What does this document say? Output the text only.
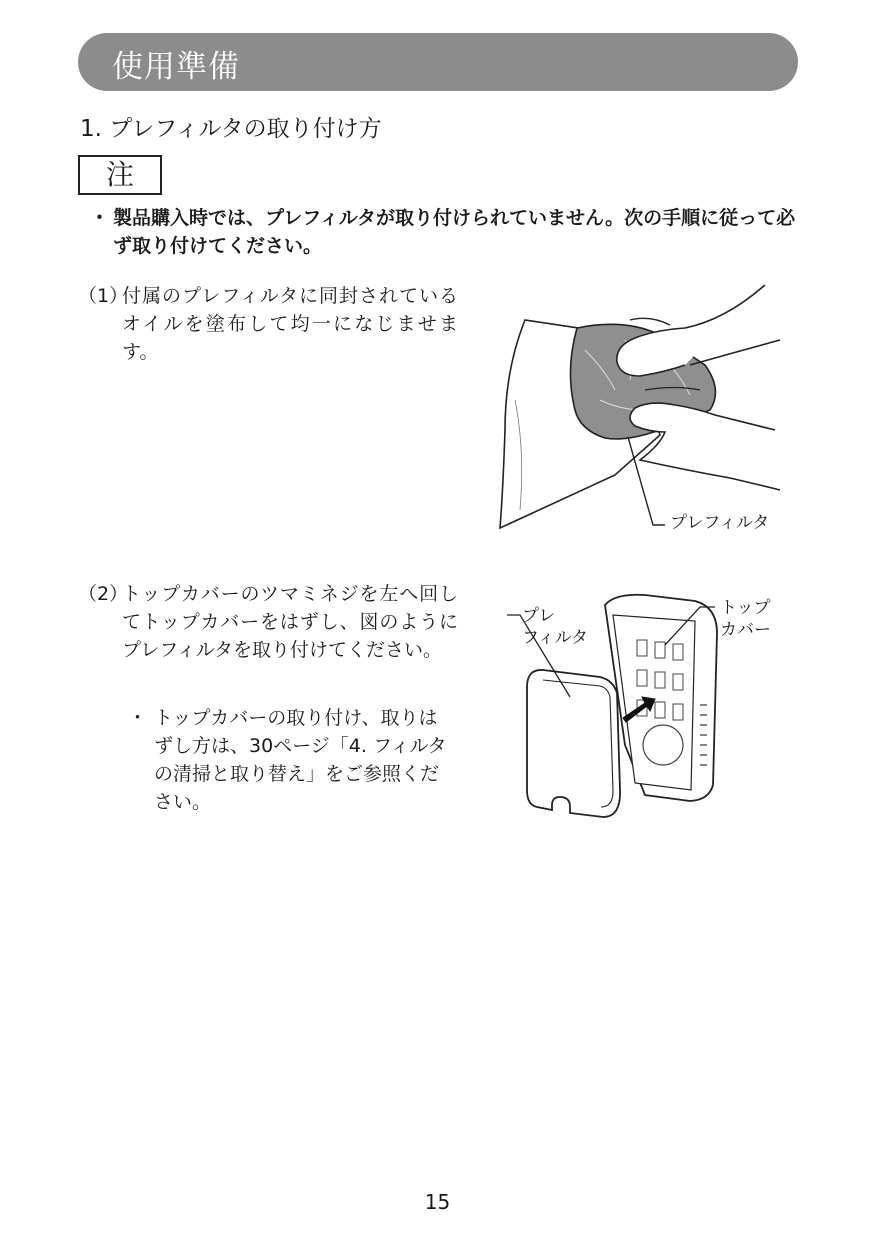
使用準備
1. プレフィルタの取り付け方
注
・ 製品購入時では、プレフィルタが取り付けられていません。次の手順に従って必ず取り付けてください。
（1）
付属のプレフィルタに同封されているオイルを塗布して均一になじませます。
プレフィルタ
（2）
トップカバーのツマミネジを左へ回してトップカバーをはずし、図のようにプレフィルタを取り付けてください。
・ トップカバーの取り付け、取りはずし方は、30ページ「4. フィルタの清掃と取り替え」をご参照ください。
プレ
フィルタ
トップ
カバー
15
